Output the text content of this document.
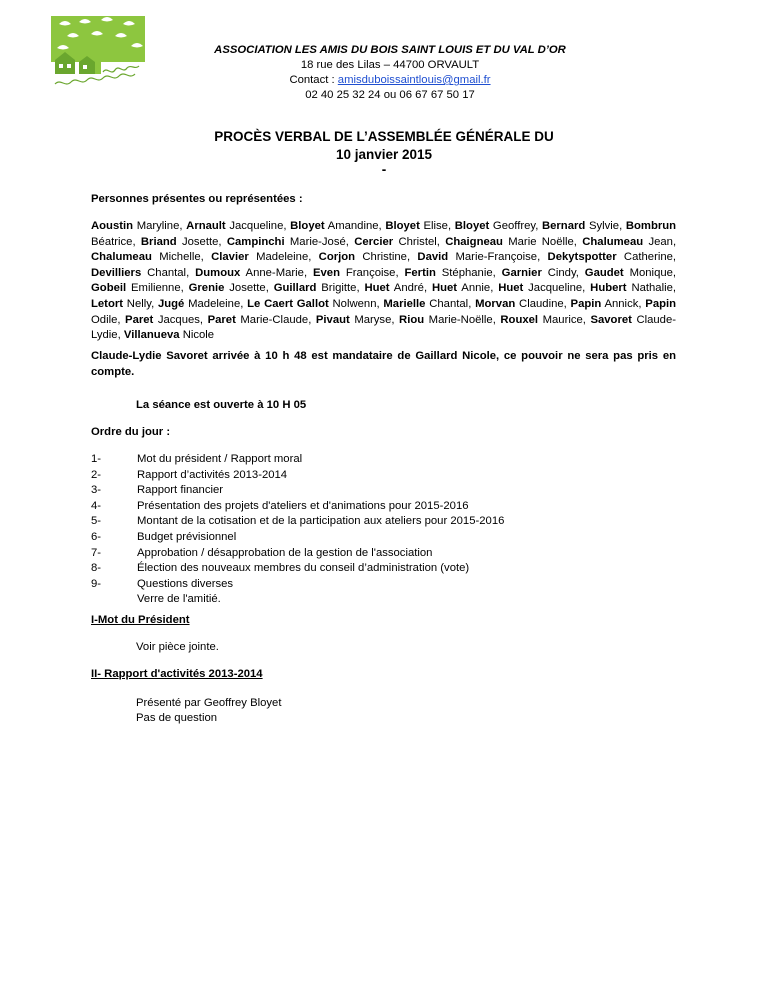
ASSOCIATION LES AMIS DU BOIS SAINT LOUIS ET DU VAL D’OR
18 rue des Lilas – 44700 ORVAULT
Contact : amisduboissaintlouis@gmail.fr
02 40 25 32 24 ou 06 67 67 50 17
PROCÈS VERBAL DE L’ASSEMBLÉE GÉNÉRALE DU
10 janvier 2015
-
Personnes présentes ou représentées :
Aoustin Maryline, Arnault Jacqueline, Bloyet Amandine, Bloyet Elise, Bloyet Geoffrey, Bernard Sylvie, Bombrun Béatrice, Briand Josette, Campinchi Marie-José, Cercier Christel, Chaigneau Marie Noëlle, Chalumeau Jean, Chalumeau Michelle, Clavier Madeleine, Corjon Christine, David Marie-Françoise, Dekytspotter Catherine, Devilliers Chantal, Dumoux Anne-Marie, Even Françoise, Fertin Stéphanie, Garnier Cindy, Gaudet Monique, Gobeil Emilienne, Grenie Josette, Guillard Brigitte, Huet André, Huet Annie, Huet Jacqueline, Hubert Nathalie, Letort Nelly, Jugé Madeleine, Le Caert Gallot Nolwenn, Marielle Chantal, Morvan Claudine, Papin Annick, Papin Odile, Paret Jacques, Paret Marie-Claude, Pivaut Maryse, Riou Marie-Noëlle, Rouxel Maurice, Savoret Claude-Lydie, Villanueva Nicole
Claude-Lydie Savoret arrivée à 10 h 48 est mandataire de Gaillard Nicole, ce pouvoir ne sera pas pris en compte.
La séance est ouverte à 10 H 05
Ordre du jour :
1-	Mot du président / Rapport moral
2-	Rapport d’activités 2013-2014
3-	Rapport financier
4-	Présentation des projets d'ateliers et d'animations pour 2015-2016
5-	Montant de la cotisation et de la participation aux ateliers pour 2015-2016
6-	Budget prévisionnel
7-	Approbation / désapprobation de la gestion de l'association
8-	Élection des nouveaux membres du conseil d’administration (vote)
9-	Questions diverses
Verre de l'amitié.
I-Mot du Président
Voir pièce jointe.
II- Rapport d'activités 2013-2014
Présenté par Geoffrey Bloyet
Pas de question
